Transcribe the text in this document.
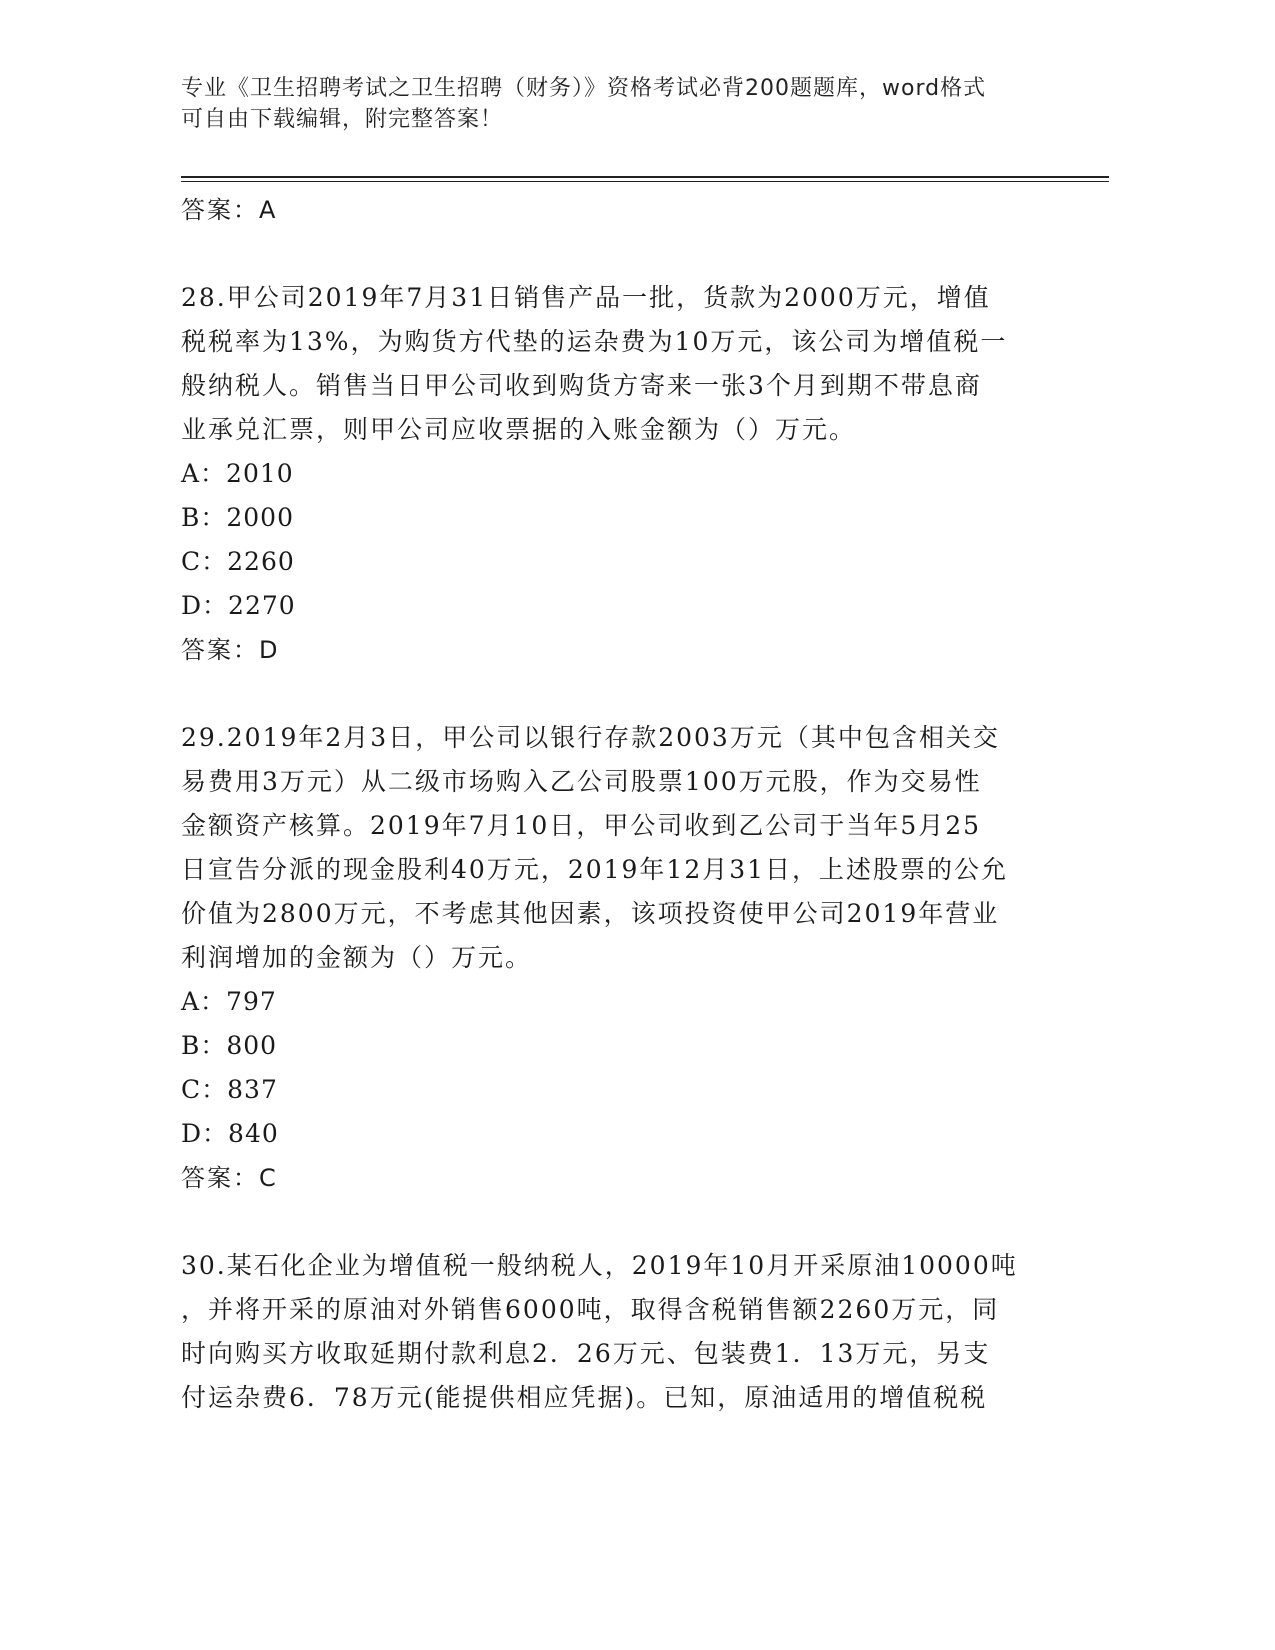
专业《卫生招聘考试之卫生招聘（财务）》资格考试必背200题题库，word格式
可自由下载编辑，附完整答案！
答案：A
28.甲公司2019年7月31日销售产品一批，货款为2000万元，增值
税税率为13%，为购货方代垫的运杂费为10万元，该公司为增值税一
般纳税人。销售当日甲公司收到购货方寄来一张3个月到期不带息商
业承兑汇票，则甲公司应收票据的入账金额为（）万元。
A：2010
B：2000
C：2260
D：2270
答案：D
29.2019年2月3日，甲公司以银行存款2003万元（其中包含相关交
易费用3万元）从二级市场购入乙公司股票100万元股，作为交易性
金额资产核算。2019年7月10日，甲公司收到乙公司于当年5月25
日宣告分派的现金股利40万元，2019年12月31日，上述股票的公允
价值为2800万元，不考虑其他因素，该项投资使甲公司2019年营业
利润增加的金额为（）万元。
A：797
B：800
C：837
D：840
答案：C
30.某石化企业为增值税一般纳税人，2019年10月开采原油10000吨
，并将开采的原油对外销售6000吨，取得含税销售额2260万元，同
时向购买方收取延期付款利息2．26万元、包装费1．13万元，另支
付运杂费6．78万元(能提供相应凭据)。已知，原油适用的增值税税
